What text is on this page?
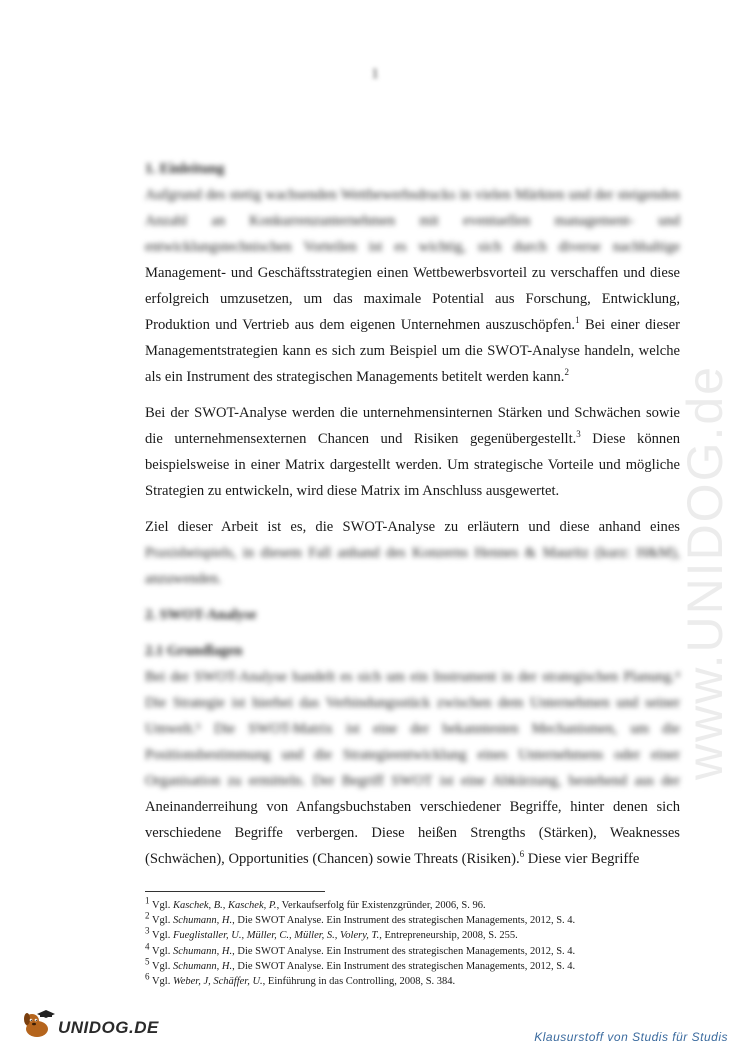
1
www.UNIDOG.de
1. Einleitung

Aufgrund des stetig wachsenden Wettbewerbsdrucks in vielen Märkten und der steigenden Anzahl an Konkurrenzunternehmen mit eventuellen management- und entwicklungstechnischen Vorteilen ist es wichtig, sich durch diverse nachhaltige Management- und Geschäftsstrategien einen Wettbewerbsvorteil zu verschaffen und diese erfolgreich umzusetzen, um das maximale Potential aus Forschung, Entwicklung, Produktion und Vertrieb aus dem eigenen Unternehmen auszuschöpfen.$^1$ Bei einer dieser Managementstrategien kann es sich zum Beispiel um die SWOT-Analyse handeln, welche als ein Instrument des strategischen Managements betitelt werden kann.$^2$

Bei der SWOT-Analyse werden die unternehmensinternen Stärken und Schwächen sowie die unternehmensexternen Chancen und Risiken gegenübergestellt.$^3$ Diese können beispielsweise in einer Matrix dargestellt werden. Um strategische Vorteile und mögliche Strategien zu entwickeln, wird diese Matrix im Anschluss ausgewertet.

Ziel dieser Arbeit ist es, die SWOT-Analyse zu erläutern und diese anhand eines Praxisbeispiels, in diesem Fall anhand des Konzerns Hennes & Mauritz (kurz: H&M), anzuwenden.

2. SWOT-Analyse
2.1 Grundlagen

Bei der SWOT-Analyse handelt es sich um ein Instrument in der strategischen Planung.⁴ Die Strategie ist hierbei das Verbindungsstück zwischen dem Unternehmen und seiner Umwelt.⁵ Die SWOT-Matrix ist eine der bekanntesten Mechanismen, um die Positionsbestimmung und die Strategieentwicklung eines Unternehmens oder einer Organisation zu ermitteln. Der Begriff SWOT ist eine Abkürzung, bestehend aus der Aneinanderreihung von Anfangsbuchstaben verschiedener Begriffe, hinter denen sich verschiedene Begriffe verbergen. Diese heißen Strengths (Stärken), Weaknesses (Schwächen), Opportunities (Chancen) sowie Threats (Risiken).$^6$ Diese vier Begriffe

$^1$ Vgl. Kaschek, B., Kaschek, P., Verkaufserfolg für Existenzgründer, 2006, S. 96.
$^2$ Vgl. Schumann, H., Die SWOT Analyse. Ein Instrument des strategischen Managements, 2012, S. 4.
$^3$ Vgl. Fueglistaller, U., Müller, C., Müller, S., Volery, T., Entrepreneurship, 2008, S. 255.
$^4$ Vgl. Schumann, H., Die SWOT Analyse. Ein Instrument des strategischen Managements, 2012, S. 4.
$^5$ Vgl. Schumann, H., Die SWOT Analyse. Ein Instrument des strategischen Managements, 2012, S. 4.
$^6$ Vgl. Weber, J, Schäffer, U., Einführung in das Controlling, 2008, S. 384.
UNIDOG.DE
Klausurstoff von Studis für Studis
